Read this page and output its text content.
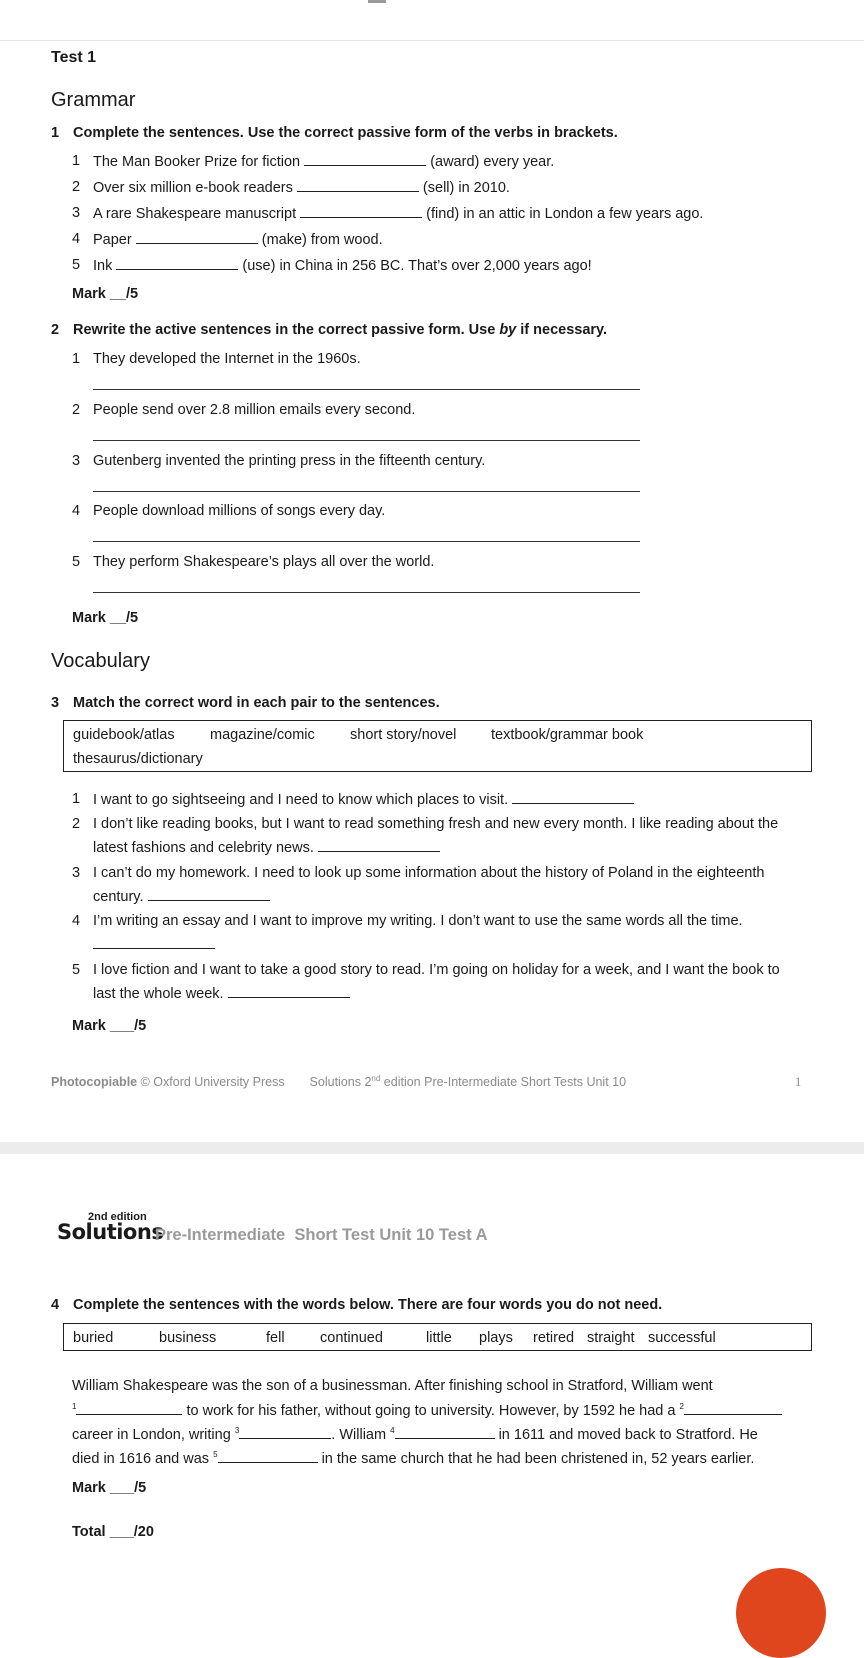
Test 1
Grammar
1 Complete the sentences. Use the correct passive form of the verbs in brackets.
1 The Man Booker Prize for fiction	(award) every year.
2 Over six million e-book readers	(sell) in 2010.
3 A rare Shakespeare manuscript	(find) in an attic in London a few years ago.
4 Paper	(make) from wood.
5 Ink	(use) in China in 256 BC. That’s over 2,000 years ago!
Mark __/5
2 Rewrite the active sentences in the correct passive form. Use by if necessary.
1 They developed the Internet in the 1960s.
2 People send over 2.8 million emails every second.
3 Gutenberg invented the printing press in the fifteenth century.
4 People download millions of songs every day.
5 They perform Shakespeare’s plays all over the world.
Mark __/5
Vocabulary
3 Match the correct word in each pair to the sentences.
guidebook/atlas magazine/comic short story/novel textbook/grammar book
thesaurus/dictionary
1 I want to go sightseeing and I need to know which places to visit.
2 I don’t like reading books, but I want to read something fresh and new every month. I like reading about the
latest fashions and celebrity news.
3 I can’t do my homework. I need to look up some information about the history of Poland in the eighteenth
century.
4 I’m writing an essay and I want to improve my writing. I don’t want to use the same words all the time.

5 I love fiction and I want to take a good story to read. I’m going on holiday for a week, and I want the book to
last the whole week.
Mark ___/5
Photocopiable © Oxford University Press Solutions 2nd edition Pre-Intermediate Short Tests Unit 10	1
2nd edition
Solutions
Pre-Intermediate  Short Test Unit 10 Test A
4 Complete the sentences with the words below. There are four words you do not need.
buried	business	fell continued	little plays retired straight successful
William Shakespeare was the son of a businessman. After finishing school in Stratford, William went
$^1$	to work for his father, without going to university. However, by 1592 he had a $^2$
career in London, writing $^3$	. William $^4$	in 1611 and moved back to Stratford. He
died in 1616 and was $^5$	in the same church that he had been christened in, 52 years earlier.
Mark ___/5
Total ___/20
